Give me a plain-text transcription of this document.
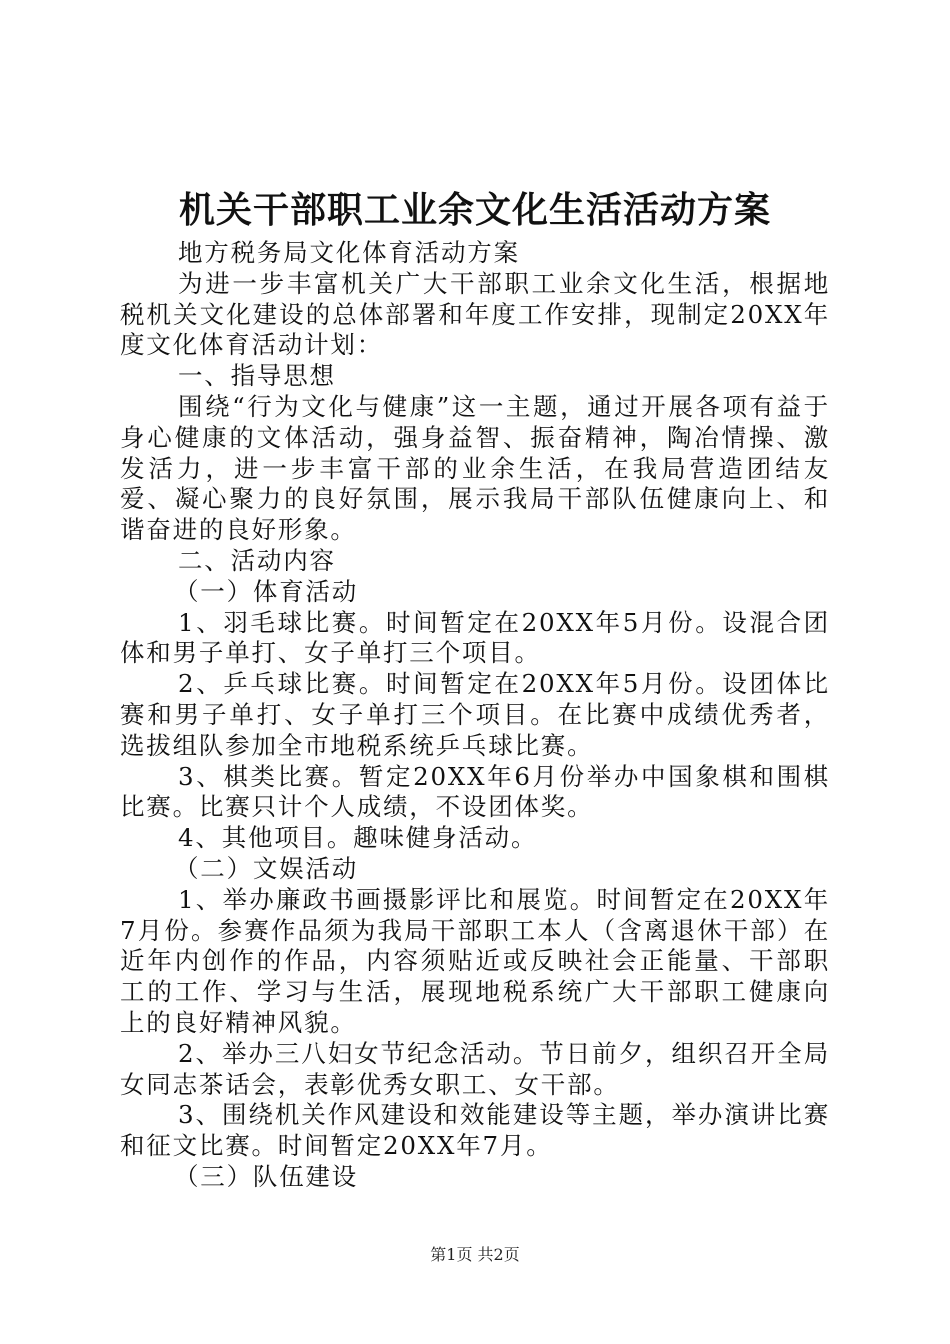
机关干部职工业余文化生活活动方案

地方税务局文化体育活动方案

为进一步丰富机关广大干部职工业余文化生活，根据地税机关文化建设的总体部署和年度工作安排，现制定20XX年度文化体育活动计划：

一、指导思想

围绕“行为文化与健康”这一主题，通过开展各项有益于身心健康的文体活动，强身益智、振奋精神，陶冶情操、激发活力，进一步丰富干部的业余生活，在我局营造团结友爱、凝心聚力的良好氛围，展示我局干部队伍健康向上、和谐奋进的良好形象。

二、活动内容

（一）体育活动

1、羽毛球比赛。时间暂定在20XX年5月份。设混合团体和男子单打、女子单打三个项目。

2、乒乓球比赛。时间暂定在20XX年5月份。设团体比赛和男子单打、女子单打三个项目。在比赛中成绩优秀者，选拔组队参加全市地税系统乒乓球比赛。

3、棋类比赛。暂定20XX年6月份举办中国象棋和围棋比赛。比赛只计个人成绩，不设团体奖。

4、其他项目。趣味健身活动。

（二）文娱活动

1、举办廉政书画摄影评比和展览。时间暂定在20XX年7月份。参赛作品须为我局干部职工本人（含离退休干部）在近年内创作的作品，内容须贴近或反映社会正能量、干部职工的工作、学习与生活，展现地税系统广大干部职工健康向上的良好精神风貌。

2、举办三八妇女节纪念活动。节日前夕，组织召开全局女同志茶话会，表彰优秀女职工、女干部。

3、围绕机关作风建设和效能建设等主题，举办演讲比赛和征文比赛。时间暂定20XX年7月。

（三）队伍建设

第1页 共2页
